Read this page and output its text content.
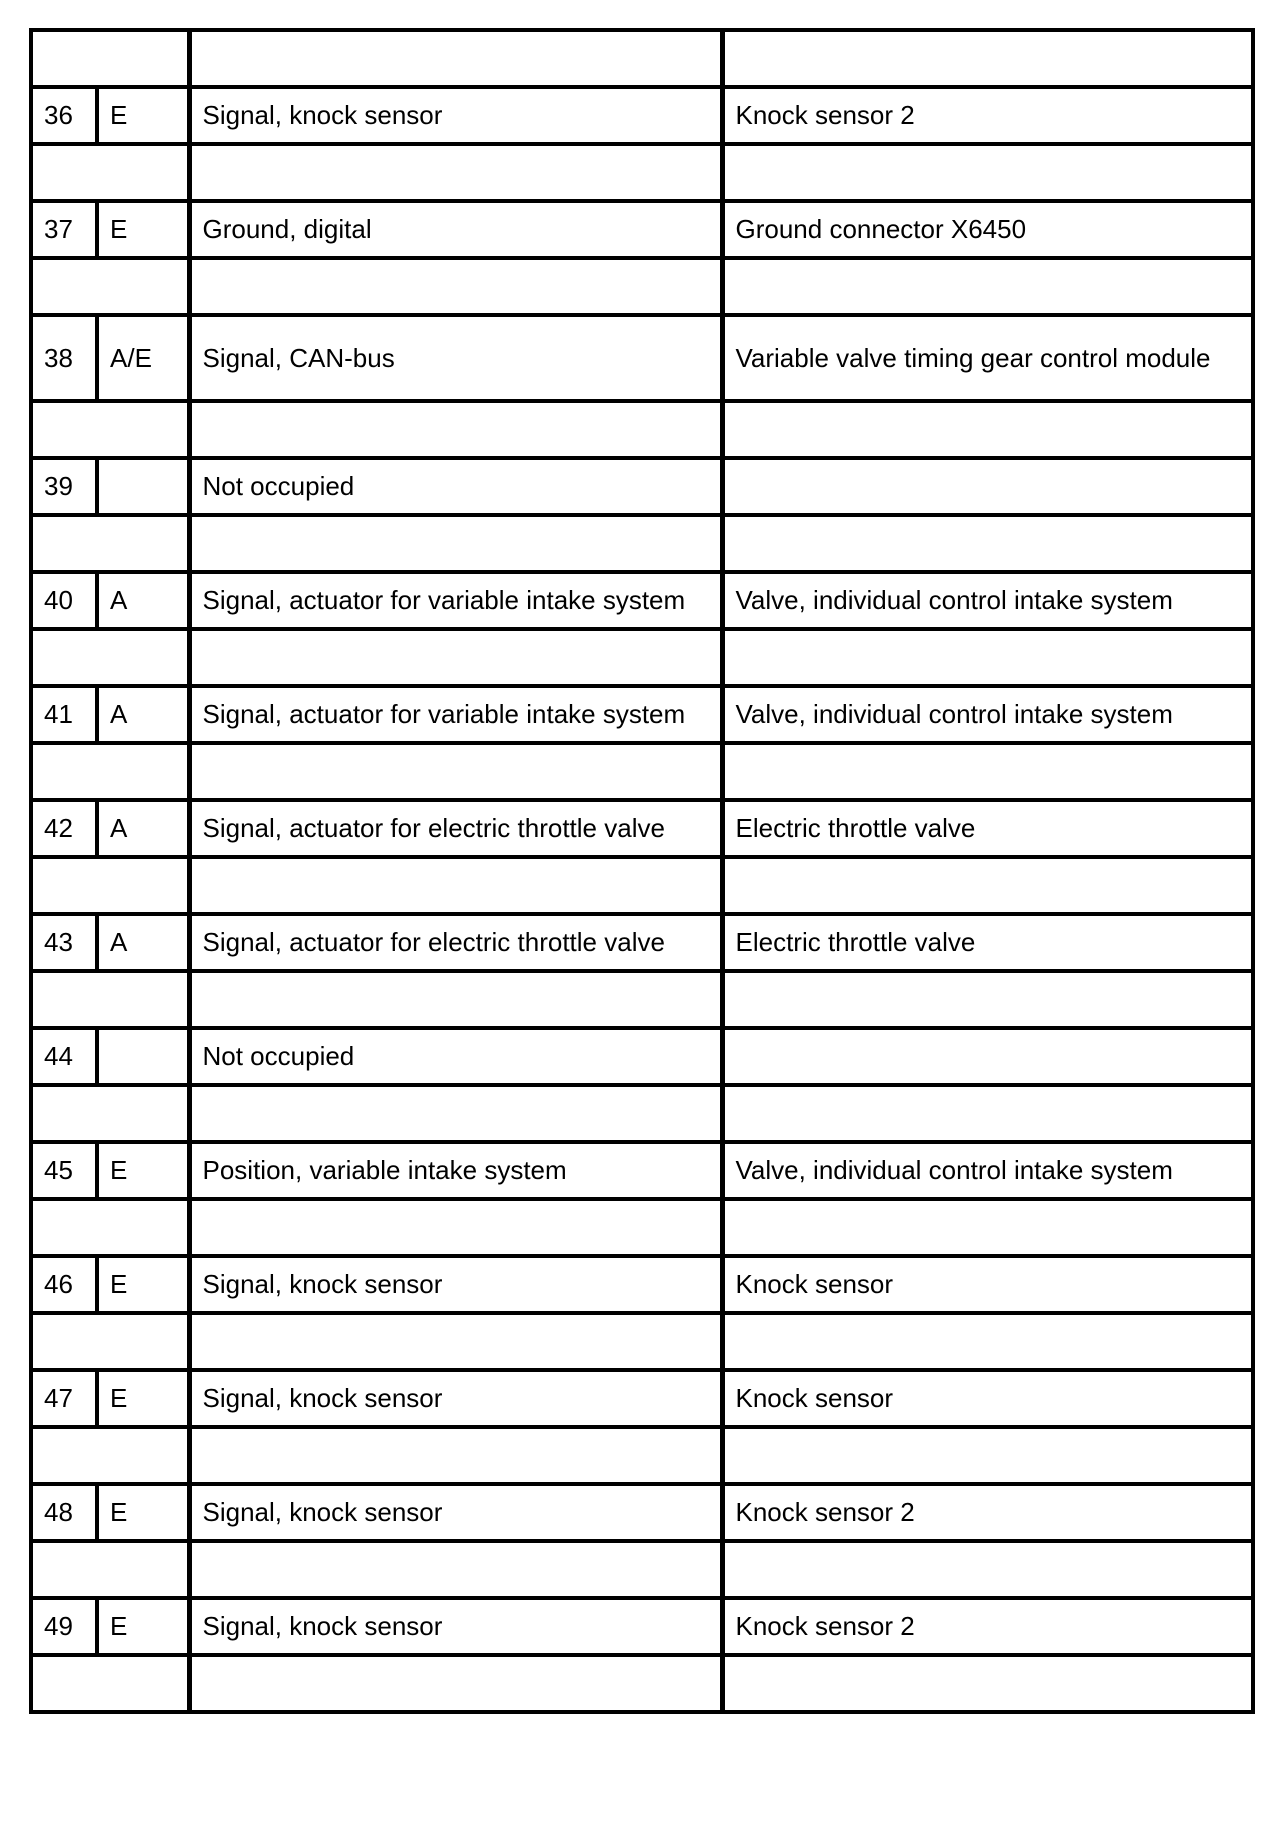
36	E	Signal, knock sensor	Knock sensor 2

37	E	Ground, digital	Ground connector X6450

38	A/E	Signal, CAN-bus	Variable valve timing gear control module

39		Not occupied	

40	A	Signal, actuator for variable intake system	Valve, individual control intake system

41	A	Signal, actuator for variable intake system	Valve, individual control intake system

42	A	Signal, actuator for electric throttle valve	Electric throttle valve

43	A	Signal, actuator for electric throttle valve	Electric throttle valve

44		Not occupied	

45	E	Position, variable intake system	Valve, individual control intake system

46	E	Signal, knock sensor	Knock sensor

47	E	Signal, knock sensor	Knock sensor

48	E	Signal, knock sensor	Knock sensor 2

49	E	Signal, knock sensor	Knock sensor 2
